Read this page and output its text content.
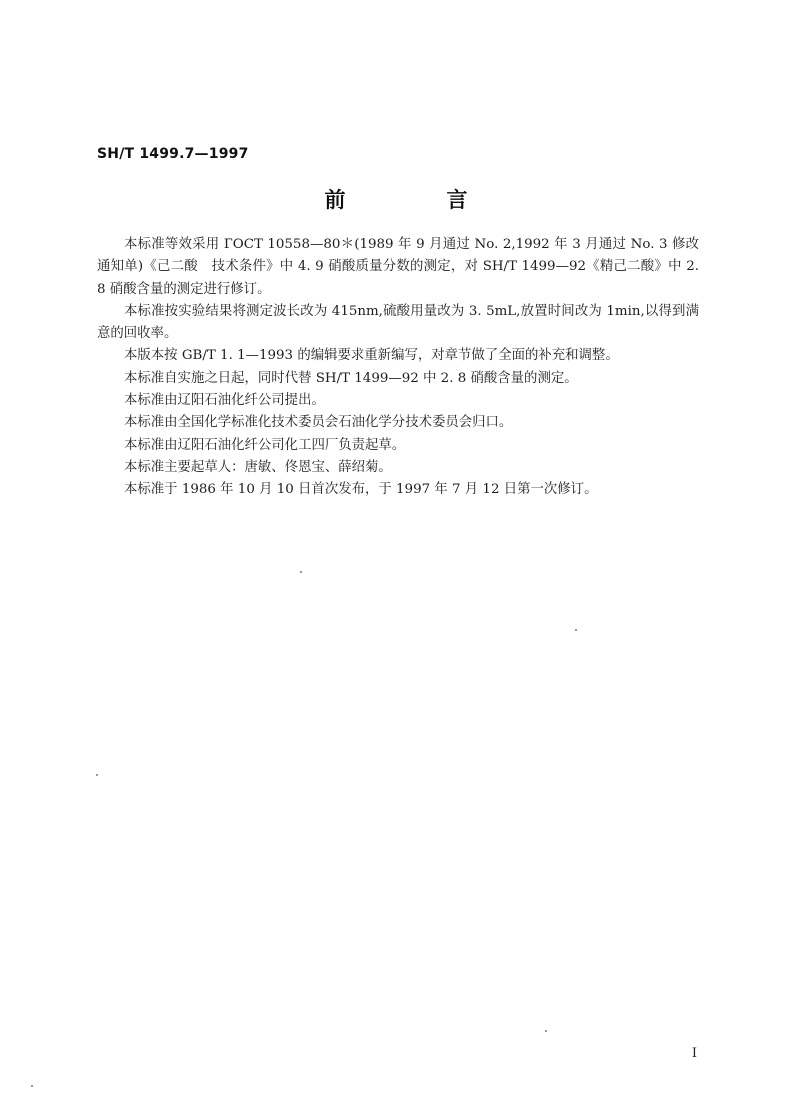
SH/T 1499.7—1997
前　言

本标准等效采用 ГОСТ 10558—80＊(1989 年 9 月通过 No. 2,1992 年 3 月通过 No. 3 修改通知单)《己二酸　技术条件》中 4. 9 硝酸质量分数的测定，对 SH/T 1499—92《精己二酸》中 2. 8 硝酸含量的测定进行修订。

本标准按实验结果将测定波长改为 415nm,硫酸用量改为 3. 5mL,放置时间改为 1min,以得到满意的回收率。

本版本按 GB/T 1. 1—1993 的编辑要求重新编写，对章节做了全面的补充和调整。

本标准自实施之日起，同时代替 SH/T 1499—92 中 2. 8 硝酸含量的测定。

本标准由辽阳石油化纤公司提出。

本标准由全国化学标准化技术委员会石油化学分技术委员会归口。

本标准由辽阳石油化纤公司化工四厂负责起草。

本标准主要起草人：唐敏、佟恩宝、薛绍菊。

本标准于 1986 年 10 月 10 日首次发布，于 1997 年 7 月 12 日第一次修订。

I
